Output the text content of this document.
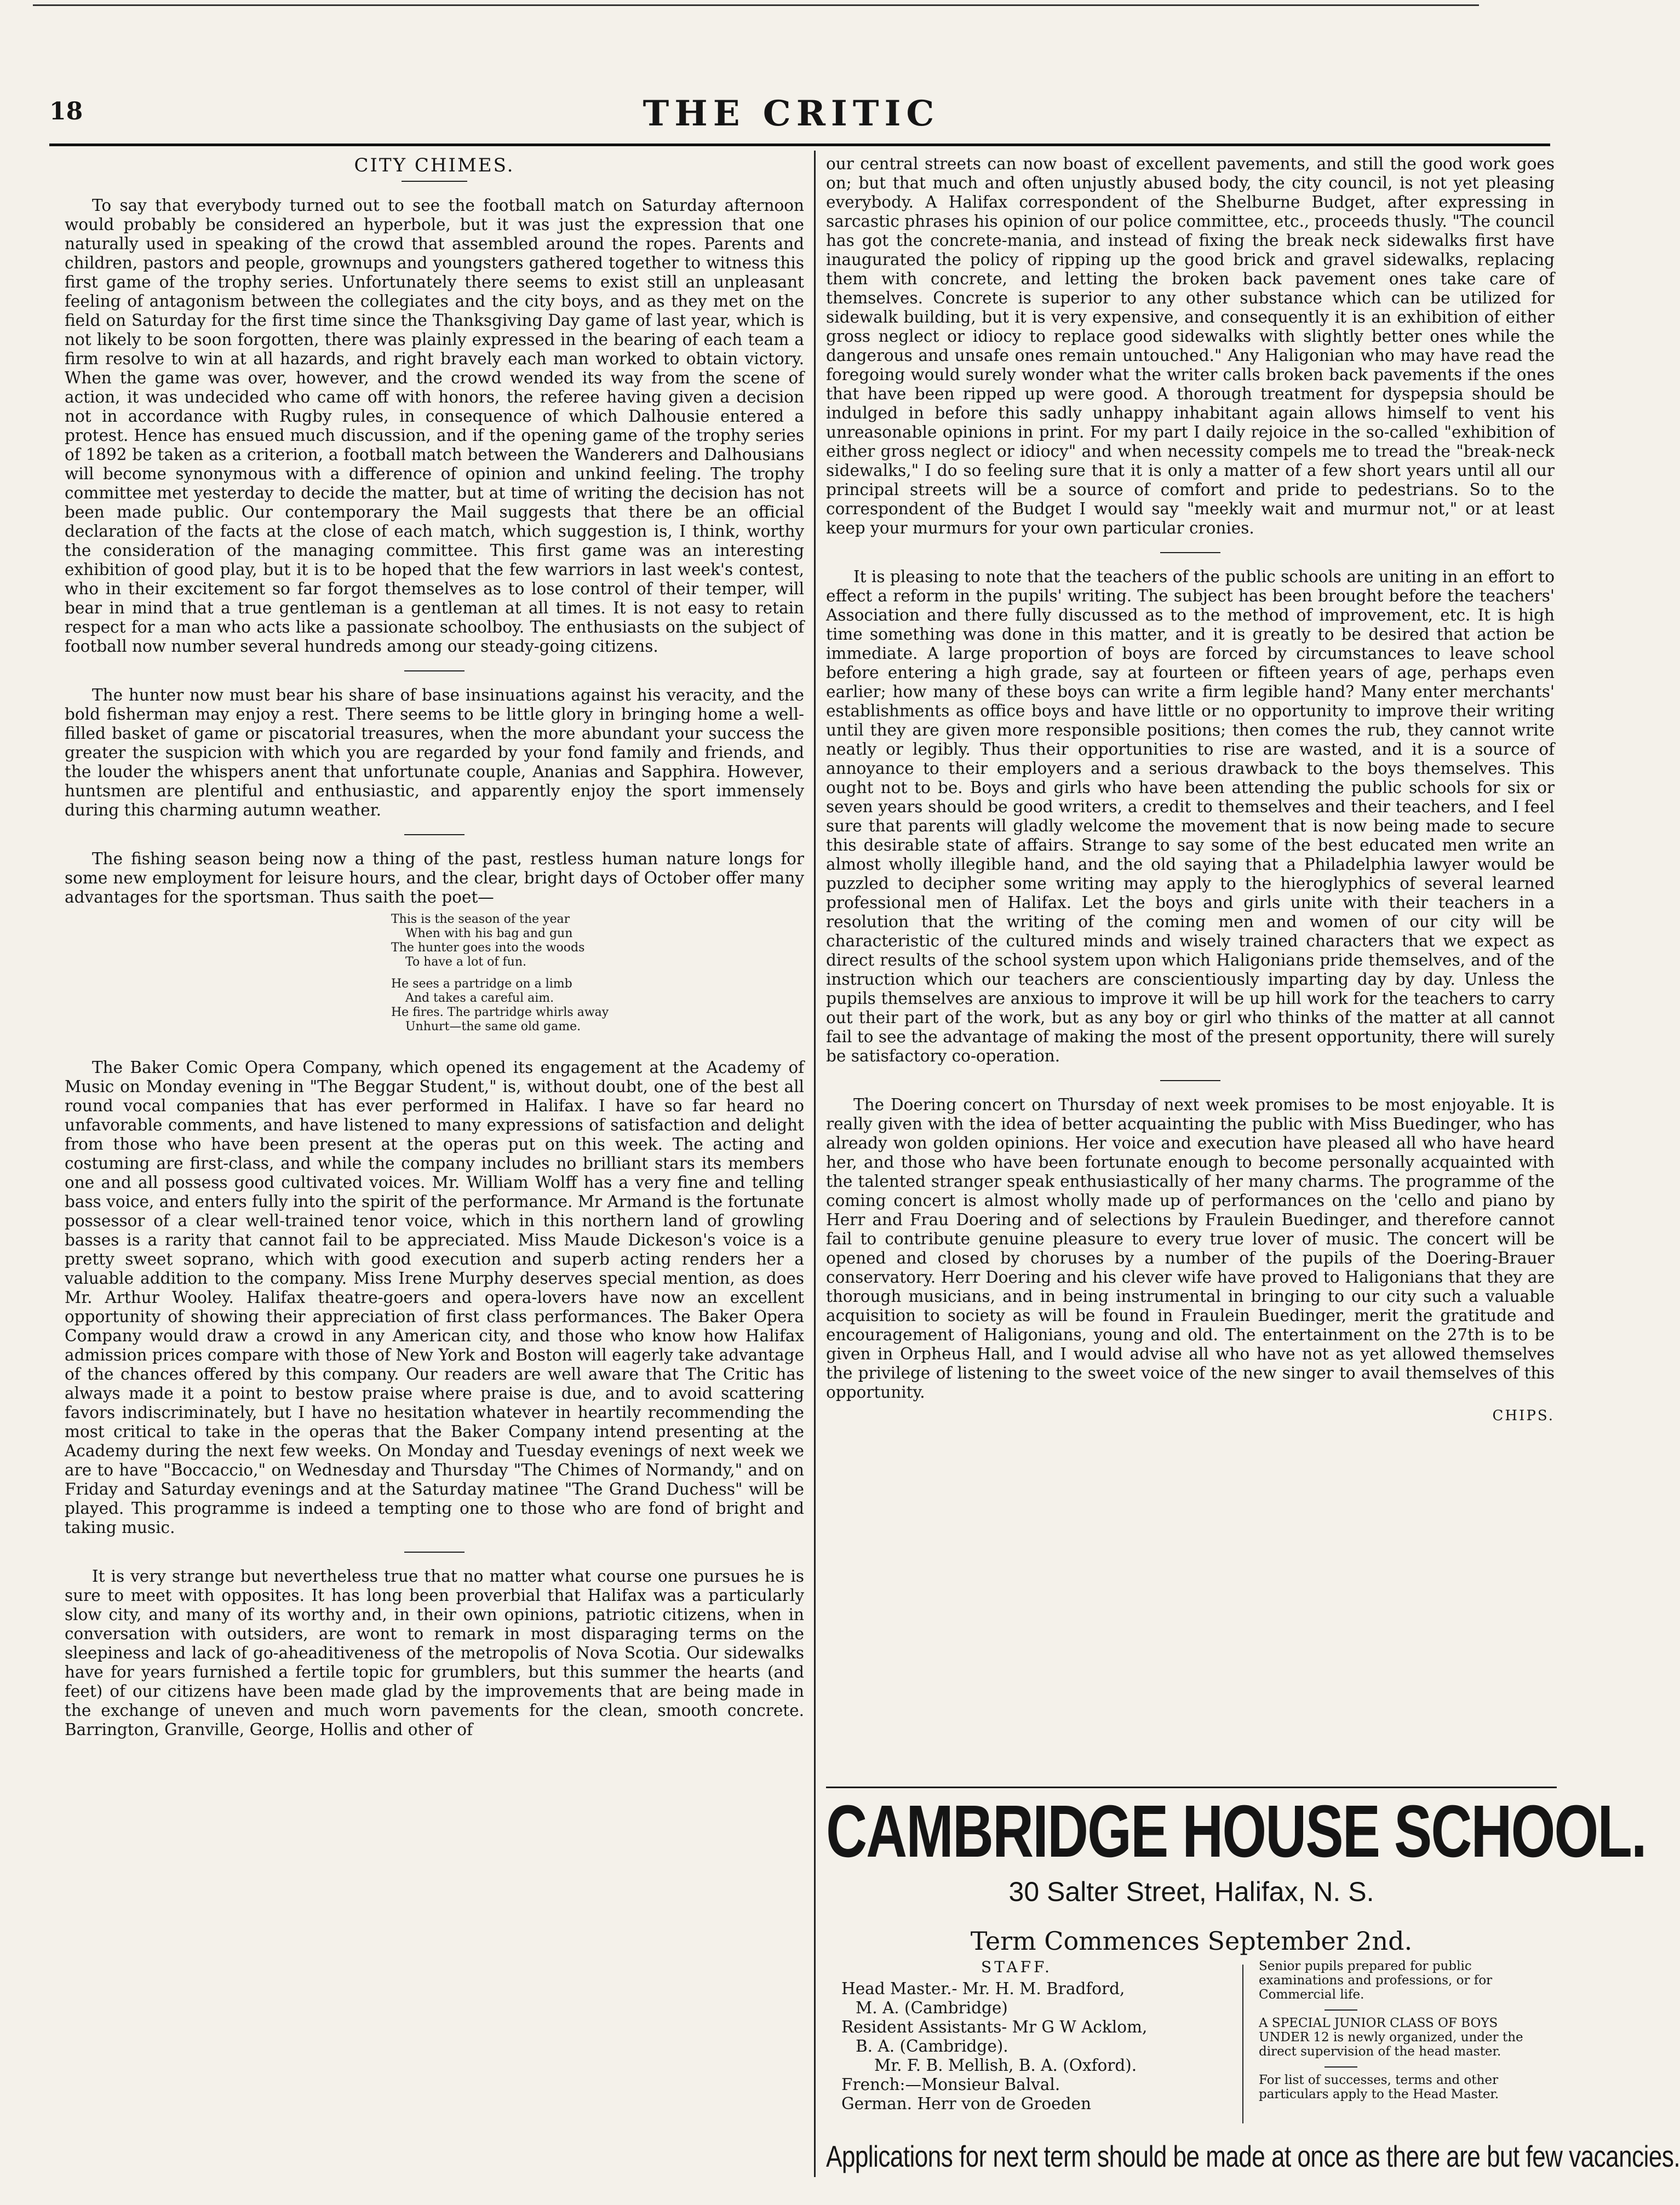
18	THE CRITIC
CITY CHIMES.

To say that everybody turned out to see the football match on Saturday afternoon would probably be considered an hyperbole, but it was just the expression that one naturally used in speaking of the crowd that assembled around the ropes. Parents and children, pastors and people, grownups and youngsters gathered together to witness this first game of the trophy series. Unfortunately there seems to exist still an unpleasant feeling of antagonism between the collegiates and the city boys, and as they met on the field on Saturday for the first time since the Thanksgiving Day game of last year, which is not likely to be soon forgotten, there was plainly expressed in the bearing of each team a firm resolve to win at all hazards, and right bravely each man worked to obtain victory. When the game was over, however, and the crowd wended its way from the scene of action, it was undecided who came off with honors, the referee having given a decision not in accordance with Rugby rules, in consequence of which Dalhousie entered a protest. Hence has ensued much discussion, and if the opening game of the trophy series of 1892 be taken as a criterion, a football match between the Wanderers and Dalhousians will become synonymous with a difference of opinion and unkind feeling. The trophy committee met yesterday to decide the matter, but at time of writing the decision has not been made public. Our contemporary the Mail suggests that there be an official declaration of the facts at the close of each match, which suggestion is, I think, worthy the consideration of the managing committee. This first game was an interesting exhibition of good play, but it is to be hoped that the few warriors in last week's contest, who in their excitement so far forgot themselves as to lose control of their temper, will bear in mind that a true gentleman is a gentleman at all times. It is not easy to retain respect for a man who acts like a passionate schoolboy. The enthusiasts on the subject of football now number several hundreds among our steady-going citizens.

The hunter now must bear his share of base insinuations against his veracity, and the bold fisherman may enjoy a rest. There seems to be little glory in bringing home a well-filled basket of game or piscatorial treasures, when the more abundant your success the greater the suspicion with which you are regarded by your fond family and friends, and the louder the whispers anent that unfortunate couple, Ananias and Sapphira. However, huntsmen are plentiful and enthusiastic, and apparently enjoy the sport immensely during this charming autumn weather.

The fishing season being now a thing of the past, restless human nature longs for some new employment for leisure hours, and the clear, bright days of October offer many advantages for the sportsman. Thus saith the poet—

This is the season of the year
When with his bag and gun
The hunter goes into the woods
To have a lot of fun.
He sees a partridge on a limb
And takes a careful aim.
He fires. The partridge whirls away
Unhurt—the same old game.

The Baker Comic Opera Company, which opened its engagement at the Academy of Music on Monday evening in "The Beggar Student," is, without doubt, one of the best all round vocal companies that has ever performed in Halifax. I have so far heard no unfavorable comments, and have listened to many expressions of satisfaction and delight from those who have been present at the operas put on this week. The acting and costuming are first-class, and while the company includes no brilliant stars its members one and all possess good cultivated voices. Mr. William Wolff has a very fine and telling bass voice, and enters fully into the spirit of the performance. Mr Armand is the fortunate possessor of a clear well-trained tenor voice, which in this northern land of growling basses is a rarity that cannot fail to be appreciated. Miss Maude Dickeson's voice is a pretty sweet soprano, which with good execution and superb acting renders her a valuable addition to the company. Miss Irene Murphy deserves special mention, as does Mr. Arthur Wooley. Halifax theatre-goers and opera-lovers have now an excellent opportunity of showing their appreciation of first class performances. The Baker Opera Company would draw a crowd in any American city, and those who know how Halifax admission prices compare with those of New York and Boston will eagerly take advantage of the chances offered by this company. Our readers are well aware that The Critic has always made it a point to bestow praise where praise is due, and to avoid scattering favors indiscriminately, but I have no hesitation whatever in heartily recommending the most critical to take in the operas that the Baker Company intend presenting at the Academy during the next few weeks. On Monday and Tuesday evenings of next week we are to have "Boccaccio," on Wednesday and Thursday "The Chimes of Normandy," and on Friday and Saturday evenings and at the Saturday matinee "The Grand Duchess" will be played. This programme is indeed a tempting one to those who are fond of bright and taking music.

It is very strange but nevertheless true that no matter what course one pursues he is sure to meet with opposites. It has long been proverbial that Halifax was a particularly slow city, and many of its worthy and, in their own opinions, patriotic citizens, when in conversation with outsiders, are wont to remark in most disparaging terms on the sleepiness and lack of go-aheaditiveness of the metropolis of Nova Scotia. Our sidewalks have for years furnished a fertile topic for grumblers, but this summer the hearts (and feet) of our citizens have been made glad by the improvements that are being made in the exchange of uneven and much worn pavements for the clean, smooth concrete. Barrington, Granville, George, Hollis and other of

our central streets can now boast of excellent pavements, and still the good work goes on; but that much and often unjustly abused body, the city council, is not yet pleasing everybody. A Halifax correspondent of the Shelburne Budget, after expressing in sarcastic phrases his opinion of our police committee, etc., proceeds thusly. "The council has got the concrete-mania, and instead of fixing the break neck sidewalks first have inaugurated the policy of ripping up the good brick and gravel sidewalks, replacing them with concrete, and letting the broken back pavement ones take care of themselves. Concrete is superior to any other substance which can be utilized for sidewalk building, but it is very expensive, and consequently it is an exhibition of either gross neglect or idiocy to replace good sidewalks with slightly better ones while the dangerous and unsafe ones remain untouched." Any Haligonian who may have read the foregoing would surely wonder what the writer calls broken back pavements if the ones that have been ripped up were good. A thorough treatment for dyspepsia should be indulged in before this sadly unhappy inhabitant again allows himself to vent his unreasonable opinions in print. For my part I daily rejoice in the so-called "exhibition of either gross neglect or idiocy" and when necessity compels me to tread the "break-neck sidewalks," I do so feeling sure that it is only a matter of a few short years until all our principal streets will be a source of comfort and pride to pedestrians. So to the correspondent of the Budget I would say "meekly wait and murmur not," or at least keep your murmurs for your own particular cronies.

It is pleasing to note that the teachers of the public schools are uniting in an effort to effect a reform in the pupils' writing. The subject has been brought before the teachers' Association and there fully discussed as to the method of improvement, etc. It is high time something was done in this matter, and it is greatly to be desired that action be immediate. A large proportion of boys are forced by circumstances to leave school before entering a high grade, say at fourteen or fifteen years of age, perhaps even earlier; how many of these boys can write a firm legible hand? Many enter merchants' establishments as office boys and have little or no opportunity to improve their writing until they are given more responsible positions; then comes the rub, they cannot write neatly or legibly. Thus their opportunities to rise are wasted, and it is a source of annoyance to their employers and a serious drawback to the boys themselves. This ought not to be. Boys and girls who have been attending the public schools for six or seven years should be good writers, a credit to themselves and their teachers, and I feel sure that parents will gladly welcome the movement that is now being made to secure this desirable state of affairs. Strange to say some of the best educated men write an almost wholly illegible hand, and the old saying that a Philadelphia lawyer would be puzzled to decipher some writing may apply to the hieroglyphics of several learned professional men of Halifax. Let the boys and girls unite with their teachers in a resolution that the writing of the coming men and women of our city will be characteristic of the cultured minds and wisely trained characters that we expect as direct results of the school system upon which Haligonians pride themselves, and of the instruction which our teachers are conscientiously imparting day by day. Unless the pupils themselves are anxious to improve it will be up hill work for the teachers to carry out their part of the work, but as any boy or girl who thinks of the matter at all cannot fail to see the advantage of making the most of the present opportunity, there will surely be satisfactory co-operation.

The Doering concert on Thursday of next week promises to be most enjoyable. It is really given with the idea of better acquainting the public with Miss Buedinger, who has already won golden opinions. Her voice and execution have pleased all who have heard her, and those who have been fortunate enough to become personally acquainted with the talented stranger speak enthusiastically of her many charms. The programme of the coming concert is almost wholly made up of performances on the 'cello and piano by Herr and Frau Doering and of selections by Fraulein Buedinger, and therefore cannot fail to contribute genuine pleasure to every true lover of music. The concert will be opened and closed by choruses by a number of the pupils of the Doering-Brauer conservatory. Herr Doering and his clever wife have proved to Haligonians that they are thorough musicians, and in being instrumental in bringing to our city such a valuable acquisition to society as will be found in Fraulein Buedinger, merit the gratitude and encouragement of Haligonians, young and old. The entertainment on the 27th is to be given in Orpheus Hall, and I would advise all who have not as yet allowed themselves the privilege of listening to the sweet voice of the new singer to avail themselves of this opportunity.

CHIPS.

CAMBRIDGE HOUSE SCHOOL.
30 Salter Street, Halifax, N. S.
Term Commences September 2nd.
STAFF.

Head Master.- Mr. H. M. Bradford,
M. A. (Cambridge)

Resident Assistants- Mr G W Acklom,
B. A. (Cambridge).

Mr. F. B. Mellish, B. A. (Oxford).

French:—Monsieur Balval.

German. Herr von de Groeden

Senior pupils prepared for public examinations and professions, or for Commercial life.
A SPECIAL JUNIOR CLASS OF BOYS UNDER 12 is newly organized, under the direct supervision of the head master.
For list of successes, terms and other particulars apply to the Head Master.
Applications for next term should be made at once as there are but few vacancies.
